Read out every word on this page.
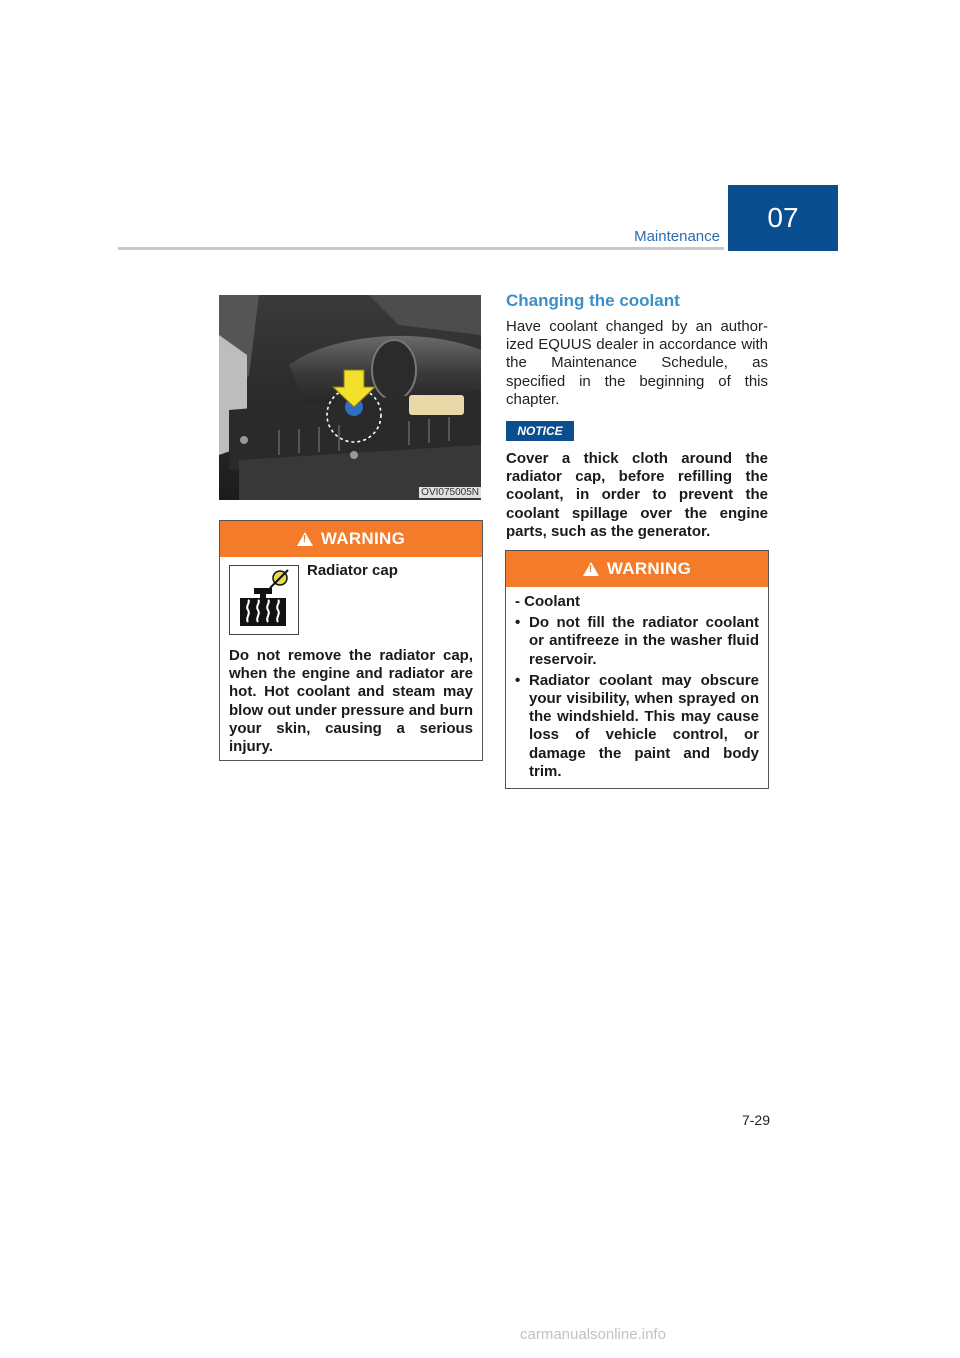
Maintenance
07
OVI075005N
! WARNING
Radiator cap
Do not remove the radiator cap, when the engine and radiator are hot. Hot coolant and steam may blow out under pressure and burn your skin, causing a serious injury.
Changing the coolant
Have coolant changed by an author-ized EQUUS dealer in accordance with the Maintenance Schedule, as specified in the beginning of this chapter.
NOTICE
Cover a thick cloth around the radiator cap, before refilling the coolant, in order to prevent the coolant spillage over the engine parts, such as the generator.
! WARNING
- Coolant
• Do not fill the radiator coolant or antifreeze in the washer fluid reservoir.
• Radiator coolant may obscure your visibility, when sprayed on the windshield. This may cause loss of vehicle control, or damage the paint and body trim.
7-29
carmanualsonline.info
